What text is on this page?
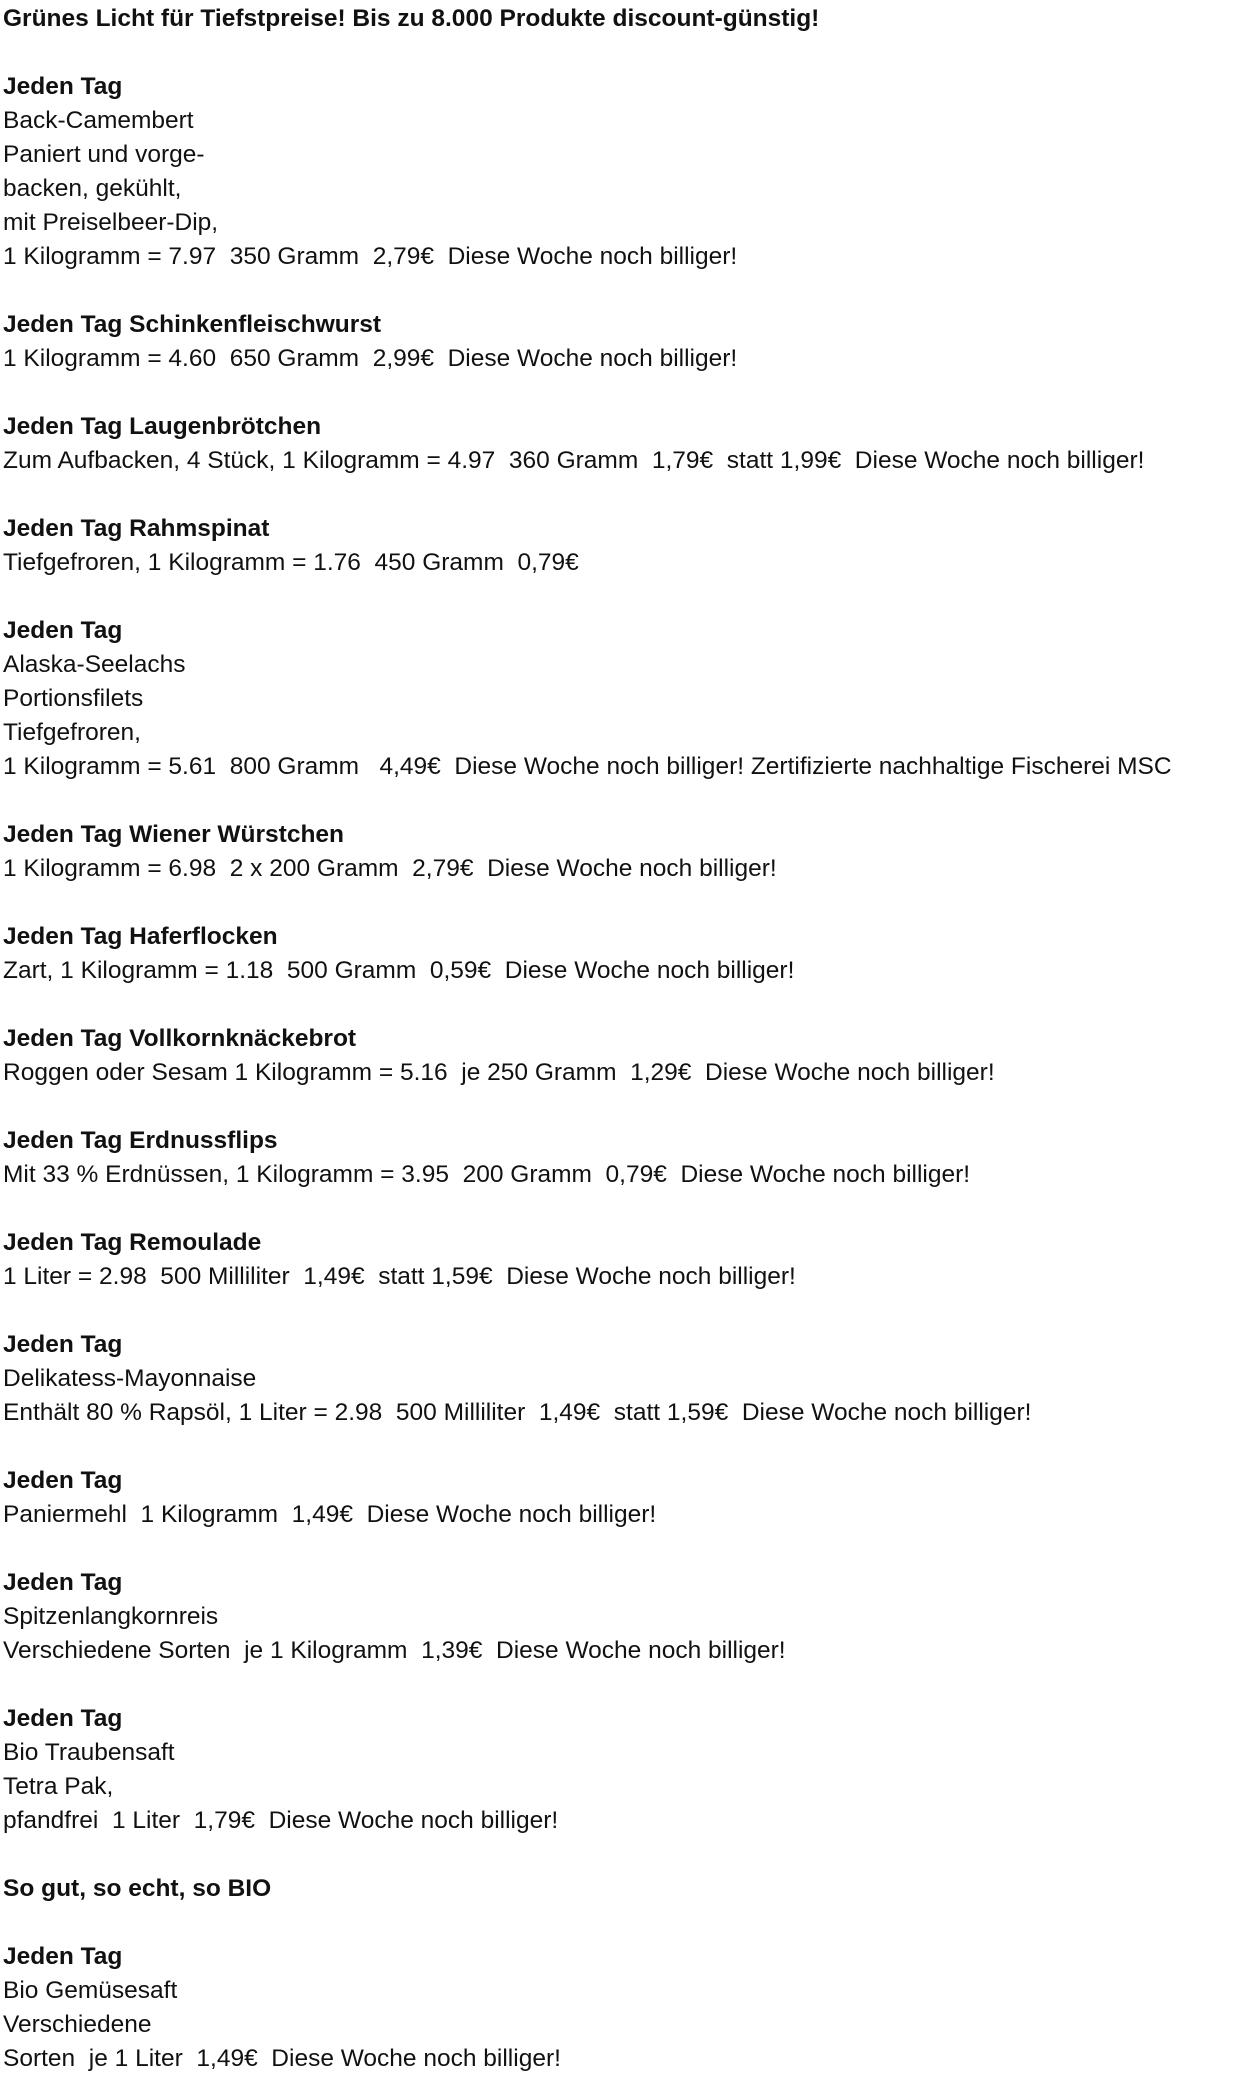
Grünes Licht für Tiefstpreise! Bis zu 8.000 Produkte discount-günstig!
Jeden Tag
Back-Camembert
Paniert und vorge-
backen, gekühlt,
mit Preiselbeer-Dip,
1 Kilogramm = 7.97  350 Gramm  2,79€  Diese Woche noch billiger!
Jeden Tag Schinkenfleischwurst
1 Kilogramm = 4.60  650 Gramm  2,99€  Diese Woche noch billiger!
Jeden Tag Laugenbrötchen
Zum Aufbacken, 4 Stück, 1 Kilogramm = 4.97  360 Gramm  1,79€  statt 1,99€  Diese Woche noch billiger!
Jeden Tag Rahmspinat
Tiefgefroren, 1 Kilogramm = 1.76  450 Gramm  0,79€
Jeden Tag
Alaska-Seelachs
Portionsfilets
Tiefgefroren,
1 Kilogramm = 5.61  800 Gramm   4,49€  Diese Woche noch billiger! Zertifizierte nachhaltige Fischerei MSC
Jeden Tag Wiener Würstchen
1 Kilogramm = 6.98  2 x 200 Gramm  2,79€  Diese Woche noch billiger!
Jeden Tag Haferflocken
Zart, 1 Kilogramm = 1.18  500 Gramm  0,59€  Diese Woche noch billiger!
Jeden Tag Vollkornknäckebrot
Roggen oder Sesam 1 Kilogramm = 5.16  je 250 Gramm  1,29€  Diese Woche noch billiger!
Jeden Tag Erdnussflips
Mit 33 % Erdnüssen, 1 Kilogramm = 3.95  200 Gramm  0,79€  Diese Woche noch billiger!
Jeden Tag Remoulade
1 Liter = 2.98  500 Milliliter  1,49€  statt 1,59€  Diese Woche noch billiger!
Jeden Tag
Delikatess-Mayonnaise
Enthält 80 % Rapsöl, 1 Liter = 2.98  500 Milliliter  1,49€  statt 1,59€  Diese Woche noch billiger!
Jeden Tag
Paniermehl  1 Kilogramm  1,49€  Diese Woche noch billiger!
Jeden Tag
Spitzenlangkornreis
Verschiedene Sorten  je 1 Kilogramm  1,39€  Diese Woche noch billiger!
Jeden Tag
Bio Traubensaft
Tetra Pak,
pfandfrei  1 Liter  1,79€  Diese Woche noch billiger!
So gut, so echt, so BIO
Jeden Tag
Bio Gemüsesaft
Verschiedene
Sorten  je 1 Liter  1,49€  Diese Woche noch billiger!
